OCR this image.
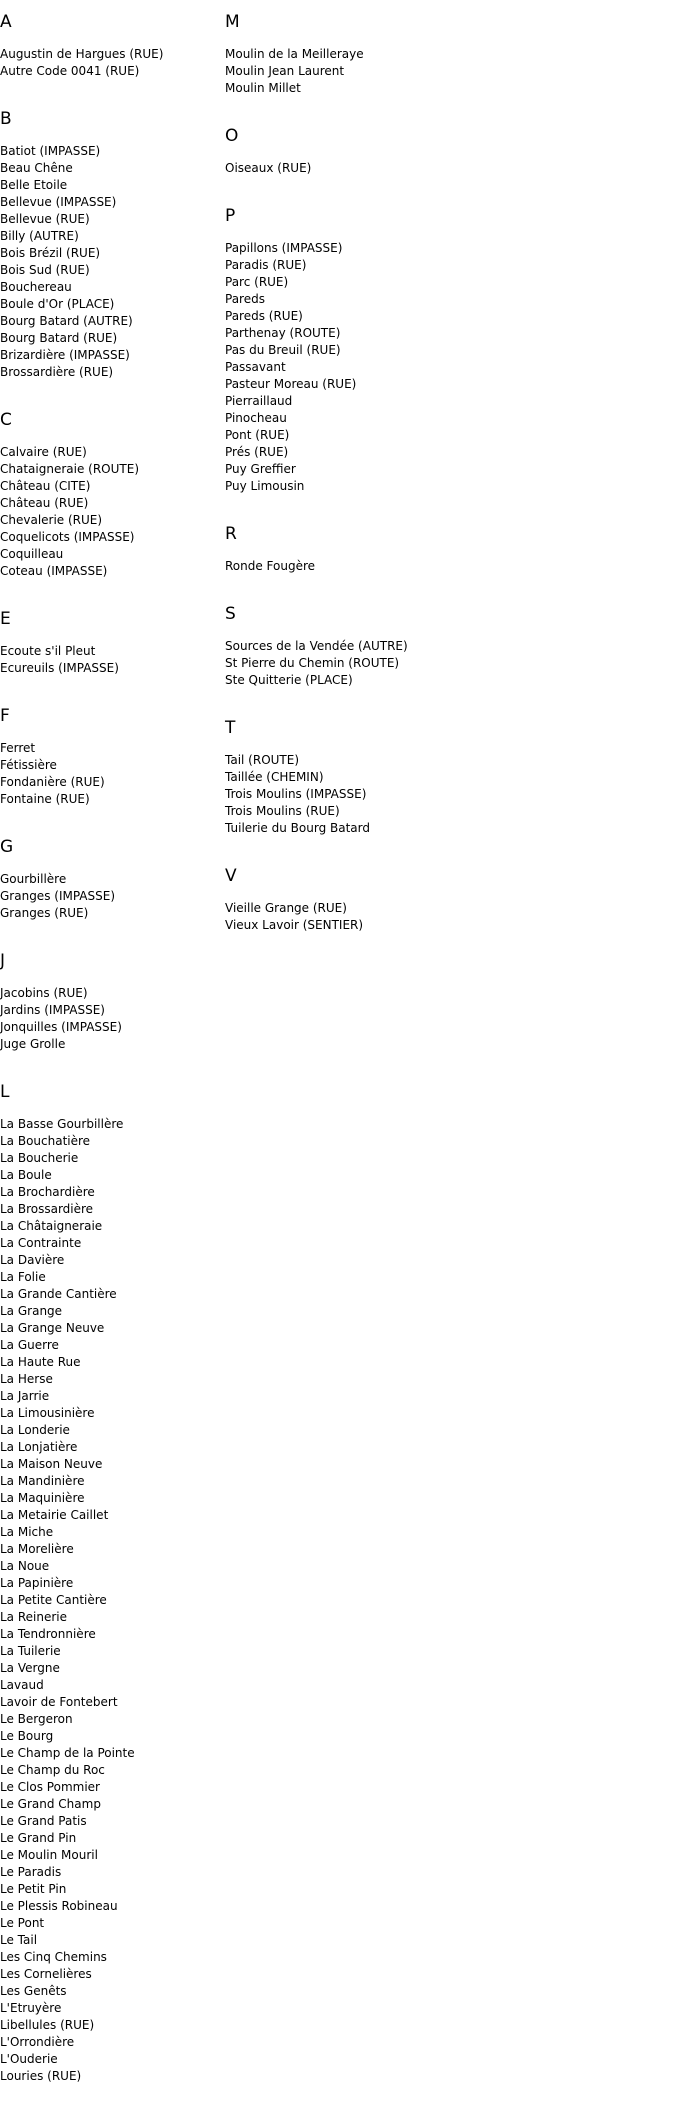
A
Augustin de Hargues (RUE)
Autre Code 0041 (RUE)
B
Batiot (IMPASSE)
Beau Chêne
Belle Etoile
Bellevue (IMPASSE)
Bellevue (RUE)
Billy (AUTRE)
Bois Brézil (RUE)
Bois Sud (RUE)
Bouchereau
Boule d'Or (PLACE)
Bourg Batard (AUTRE)
Bourg Batard (RUE)
Brizardière (IMPASSE)
Brossardière (RUE)
C
Calvaire (RUE)
Chataigneraie (ROUTE)
Château (CITE)
Château (RUE)
Chevalerie (RUE)
Coquelicots (IMPASSE)
Coquilleau
Coteau (IMPASSE)
E
Ecoute s'il Pleut
Ecureuils (IMPASSE)
F
Ferret
Fétissière
Fondanière (RUE)
Fontaine (RUE)
G
Gourbillère
Granges (IMPASSE)
Granges (RUE)
J
Jacobins (RUE)
Jardins (IMPASSE)
Jonquilles (IMPASSE)
Juge Grolle
L
La Basse Gourbillère
La Bouchatière
La Boucherie
La Boule
La Brochardière
La Brossardière
La Châtaigneraie
La Contrainte
La Davière
La Folie
La Grande Cantière
La Grange
La Grange Neuve
La Guerre
La Haute Rue
La Herse
La Jarrie
La Limousinière
La Londerie
La Lonjatière
La Maison Neuve
La Mandinière
La Maquinière
La Metairie Caillet
La Miche
La Morelière
La Noue
La Papinière
La Petite Cantière
La Reinerie
La Tendronnière
La Tuilerie
La Vergne
Lavaud
Lavoir de Fontebert
Le Bergeron
Le Bourg
Le Champ de la Pointe
Le Champ du Roc
Le Clos Pommier
Le Grand Champ
Le Grand Patis
Le Grand Pin
Le Moulin Mouril
Le Paradis
Le Petit Pin
Le Plessis Robineau
Le Pont
Le Tail
Les Cinq Chemins
Les Cornelières
Les Genêts
L'Etruyère
Libellules (RUE)
L'Orrondière
L'Ouderie
Louries (RUE)
M
Moulin de la Meilleraye
Moulin Jean Laurent
Moulin Millet
O
Oiseaux (RUE)
P
Papillons (IMPASSE)
Paradis (RUE)
Parc (RUE)
Pareds
Pareds (RUE)
Parthenay (ROUTE)
Pas du Breuil (RUE)
Passavant
Pasteur Moreau (RUE)
Pierraillaud
Pinocheau
Pont (RUE)
Prés (RUE)
Puy Greffier
Puy Limousin
R
Ronde Fougère
S
Sources de la Vendée (AUTRE)
St Pierre du Chemin (ROUTE)
Ste Quitterie (PLACE)
T
Tail (ROUTE)
Taillée (CHEMIN)
Trois Moulins (IMPASSE)
Trois Moulins (RUE)
Tuilerie du Bourg Batard
V
Vieille Grange (RUE)
Vieux Lavoir (SENTIER)
